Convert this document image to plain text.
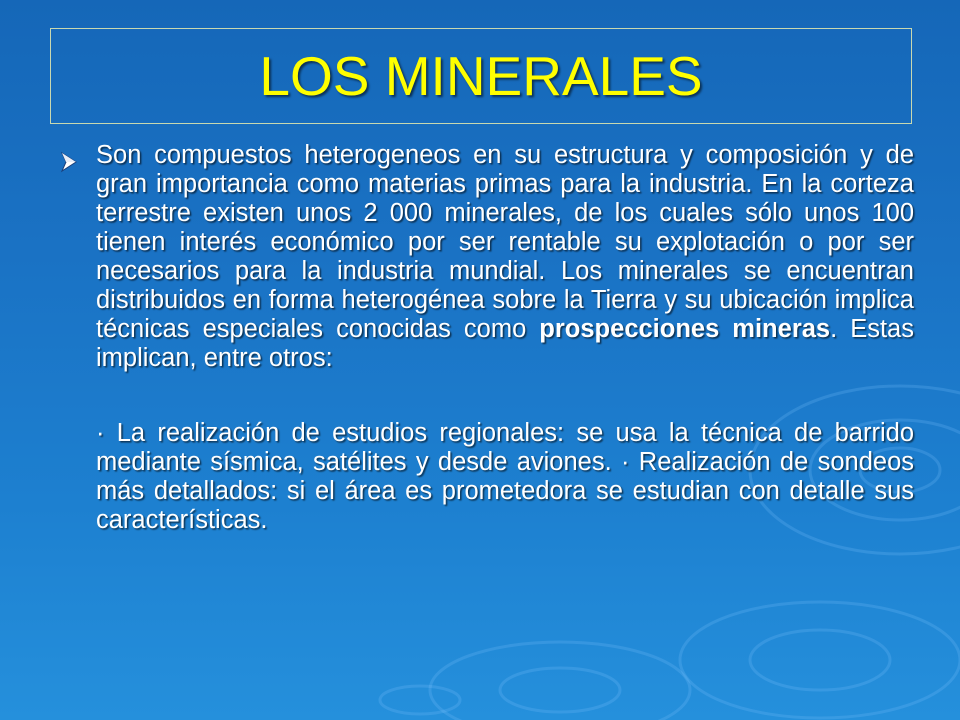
LOS MINERALES

Son compuestos heterogeneos en su estructura y composición y de gran importancia como materias primas para la industria. En la corteza terrestre existen unos 2 000 minerales, de los cuales sólo unos 100 tienen interés económico por ser rentable su explotación o por ser necesarios para la industria mundial. Los minerales se encuentran distribuidos en forma heterogénea sobre la Tierra y su ubicación implica técnicas especiales conocidas como prospecciones mineras. Estas implican, entre otros:

· La realización de estudios regionales: se usa la técnica de barrido mediante sísmica, satélites y desde aviones. · Realización de sondeos más detallados: si el área es prometedora se estudian con detalle sus características.
